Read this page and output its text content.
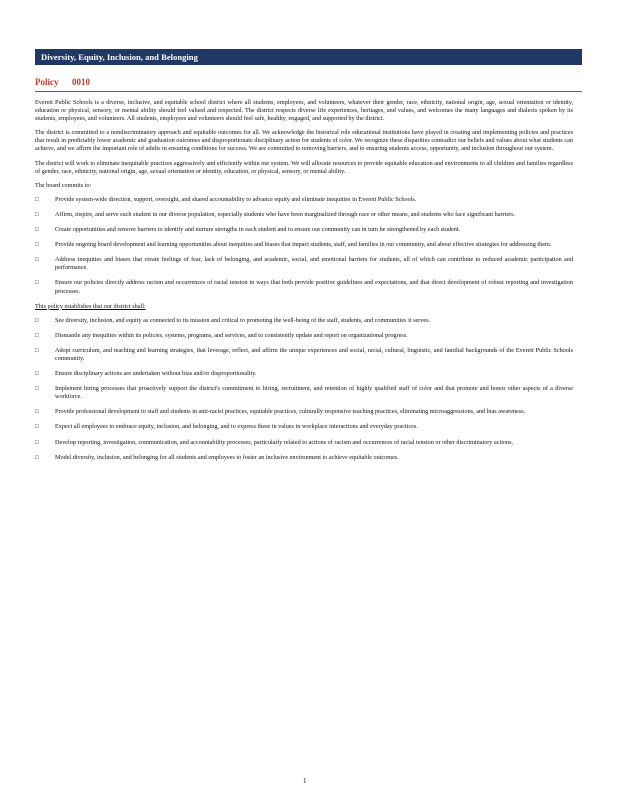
Diversity, Equity, Inclusion, and Belonging
Policy 0010

Everett Public Schools is a diverse, inclusive, and equitable school district where all students, employees, and volunteers, whatever their gender, race, ethnicity, national origin, age, sexual orientation or identity, education or physical, sensory, or mental ability should feel valued and respected. The district respects diverse life experiences, heritages, and values, and welcomes the many languages and dialects spoken by its students, employees, and volunteers. All students, employees and volunteers should feel safe, healthy, engaged, and supported by the district.

The district is committed to a nondiscriminatory approach and equitable outcomes for all. We acknowledge the historical role educational institutions have played in creating and implementing policies and practices that result in predictably lower academic and graduation outcomes and disproportionate disciplinary action for students of color. We recognize these disparities contradict our beliefs and values about what students can achieve, and we affirm the important role of adults in ensuring conditions for success. We are committed to removing barriers, and to ensuring students access, opportunity, and inclusion throughout our system.

The district will work to eliminate inequitable practices aggressively and efficiently within our system. We will allocate resources to provide equitable education and environments to all children and families regardless of gender, race, ethnicity, national origin, age, sexual orientation or identity, education, or physical, sensory, or mental ability.

The board commits to:

□	Provide system-wide direction, support, oversight, and shared accountability to advance equity and eliminate inequities in Everett Public Schools.
□	Affirm, inspire, and serve each student in our diverse population, especially students who have been marginalized through race or other means, and students who face significant barriers.
□	Create opportunities and remove barriers to identify and nurture strengths in each student and to ensure our community can in turn be strengthened by each student.
□	Provide ongoing board development and learning opportunities about inequities and biases that impact students, staff, and families in our community, and about effective strategies for addressing them.
□	Address inequities and biases that create feelings of fear, lack of belonging, and academic, social, and emotional barriers for students, all of which can contribute to reduced academic participation and performance.
□	Ensure our policies directly address racism and occurrences of racial tension in ways that both provide positive guidelines and expectations, and that direct development of robust reporting and investigation processes.

This policy establishes that our district shall:

□	See diversity, inclusion, and equity as connected to its mission and critical to promoting the well-being of the staff, students, and communities it serves.
□	Dismantle any inequities within its policies, systems, programs, and services, and to consistently update and report on organizational progress.
□	Adopt curriculum, and teaching and learning strategies, that leverage, reflect, and affirm the unique experiences and social, racial, cultural, linguistic, and familial backgrounds of the Everett Public Schools community.
□	Ensure disciplinary actions are undertaken without bias and/or disproportionality.
□	Implement hiring processes that proactively support the district's commitment to hiring, recruitment, and retention of highly qualified staff of color and that promote and honor other aspects of a diverse workforce.
□	Provide professional development to staff and students in anti-racist practices, equitable practices, culturally responsive teaching practices, eliminating microaggressions, and bias awareness.
□	Expect all employees to embrace equity, inclusion, and belonging, and to express these in values in workplace interactions and everyday practices.
□	Develop reporting, investigation, communication, and accountability processes, particularly related to actions of racism and occurrences of racial tension or other discriminatory actions.
□	Model diversity, inclusion, and belonging for all students and employees to foster an inclusive environment to achieve equitable outcomes.
1
